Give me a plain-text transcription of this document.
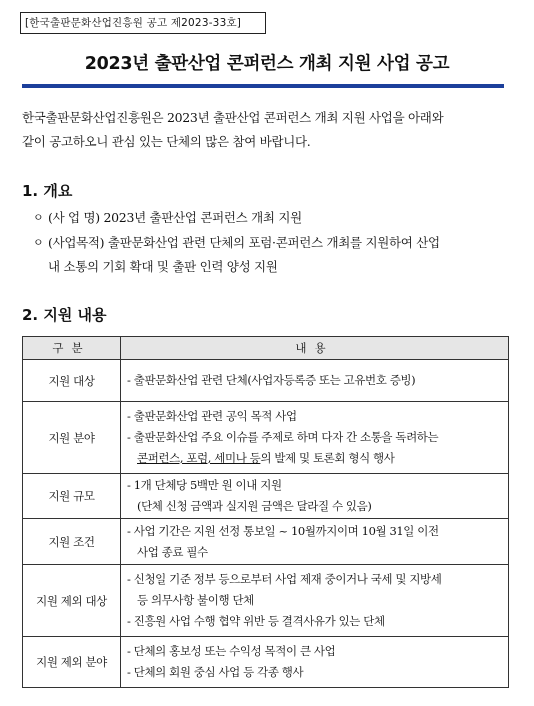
[한국출판문화산업진흥원 공고 제2023-33호]
2023년 출판산업 콘퍼런스 개최 지원 사업 공고

한국출판문화산업진흥원은 2023년 출판산업 콘퍼런스 개최 지원 사업을 아래와

같이 공고하오니 관심 있는 단체의 많은 참여 바랍니다.

1. 개요
ㅇ (사 업 명) 2023년 출판산업 콘퍼런스 개최 지원
ㅇ (사업목적) 출판문화산업 관련 단체의 포럼·콘퍼런스 개최를 지원하여 산업
내 소통의 기회 확대 및 출판 인력 양성 지원
2. 지원 내용
구분	내용
지원 대상	- 출판문화산업 관련 단체(사업자등록증 또는 고유번호 증빙)

지원 분야	- 출판문화산업 관련 공익 목적 사업
- 출판문화산업 주요 이슈를 주제로 하며 다자 간 소통을 독려하는
콘퍼런스, 포럼, 세미나 등의 발제 및 토론회 형식 행사

지원 규모	- 1개 단체당 5백만 원 이내 지원
(단체 신청 금액과 실지원 금액은 달라질 수 있음)

지원 조건	- 사업 기간은 지원 선정 통보일 ~ 10월까지이며 10월 31일 이전
사업 종료 필수

지원 제외 대상	- 신청일 기준 정부 등으로부터 사업 제재 중이거나 국세 및 지방세
등 의무사항 불이행 단체
- 진흥원 사업 수행 협약 위반 등 결격사유가 있는 단체

지원 제외 분야	- 단체의 홍보성 또는 수익성 목적이 큰 사업
- 단체의 회원 중심 사업 등 각종 행사
